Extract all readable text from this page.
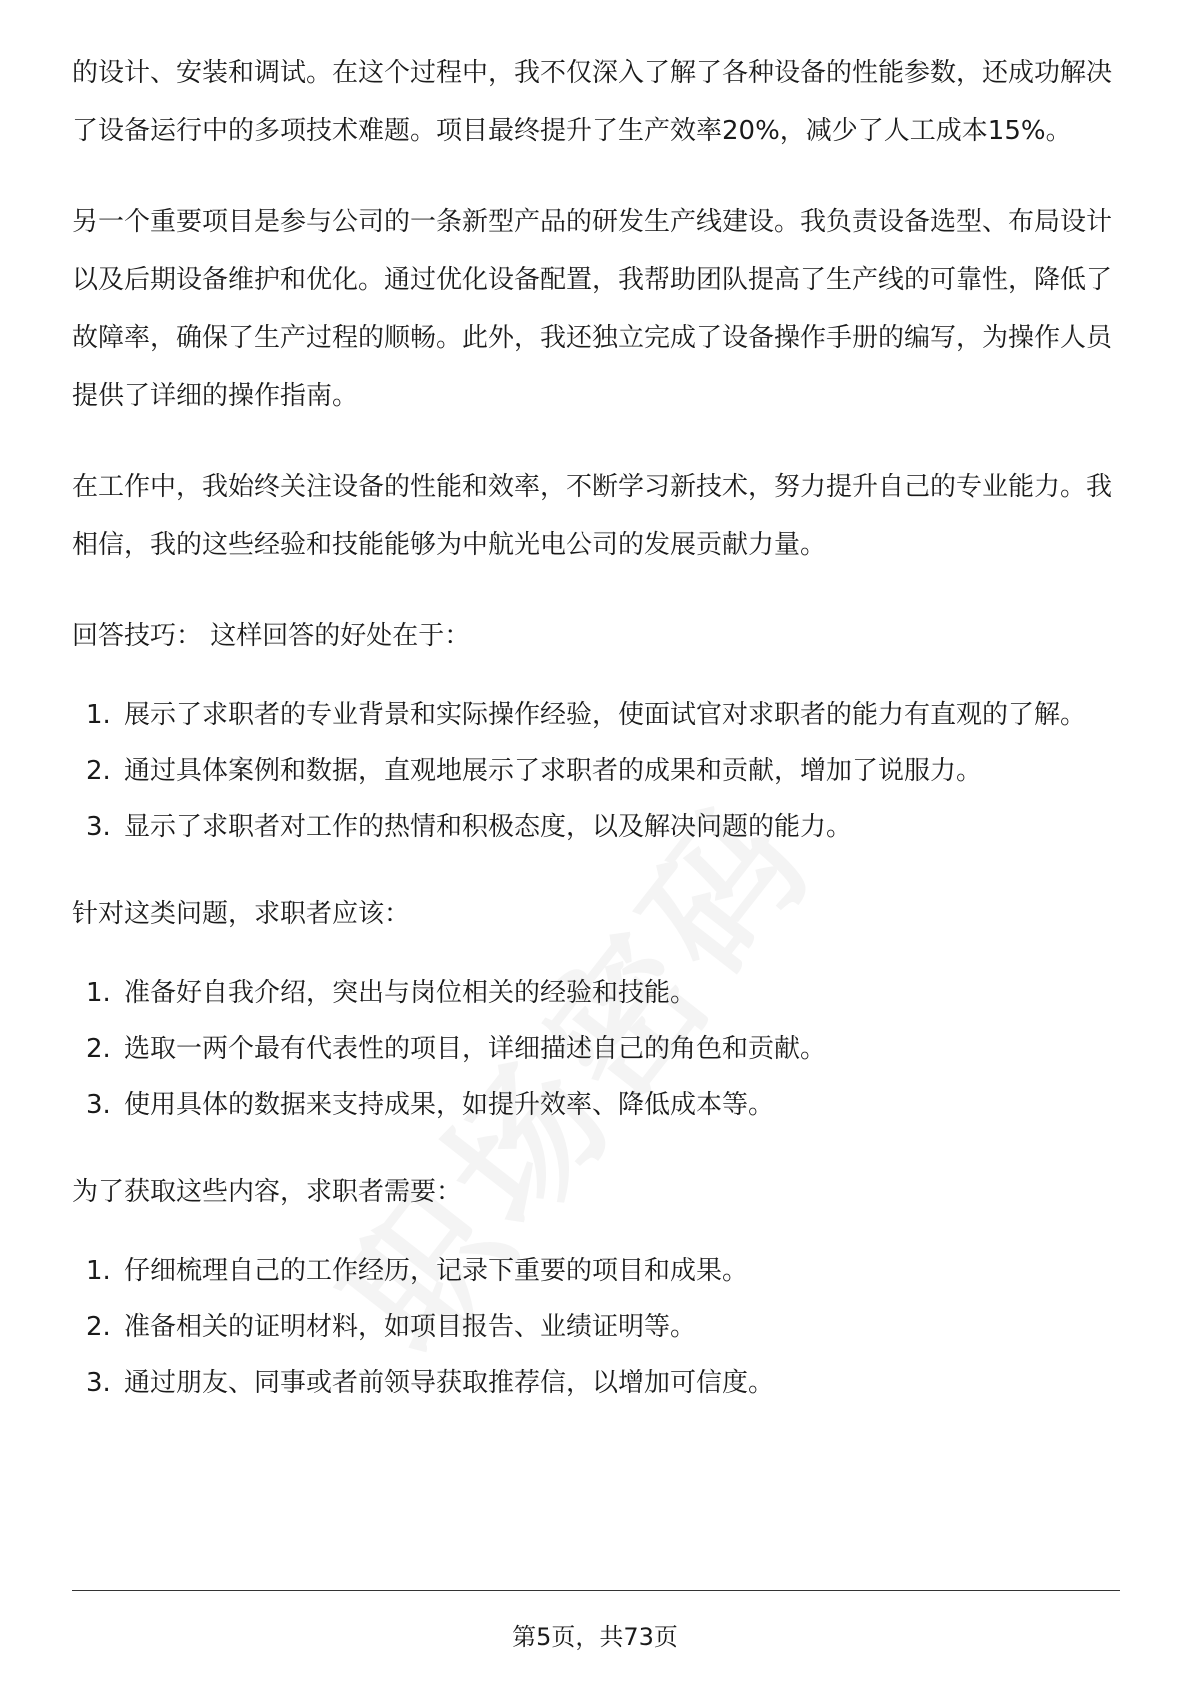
的设计、安装和调试。在这个过程中，我不仅深入了解了各种设备的性能参数，还成功解决了设备运行中的多项技术难题。项目最终提升了生产效率20%，减少了人工成本15%。

另一个重要项目是参与公司的一条新型产品的研发生产线建设。我负责设备选型、布局设计以及后期设备维护和优化。通过优化设备配置，我帮助团队提高了生产线的可靠性，降低了故障率，确保了生产过程的顺畅。此外，我还独立完成了设备操作手册的编写，为操作人员提供了详细的操作指南。

在工作中，我始终关注设备的性能和效率，不断学习新技术，努力提升自己的专业能力。我相信，我的这些经验和技能能够为中航光电公司的发展贡献力量。

回答技巧： 这样回答的好处在于：

1. 展示了求职者的专业背景和实际操作经验，使面试官对求职者的能力有直观的了解。
2. 通过具体案例和数据，直观地展示了求职者的成果和贡献，增加了说服力。
3. 显示了求职者对工作的热情和积极态度，以及解决问题的能力。

针对这类问题，求职者应该：

1. 准备好自我介绍，突出与岗位相关的经验和技能。
2. 选取一两个最有代表性的项目，详细描述自己的角色和贡献。
3. 使用具体的数据来支持成果，如提升效率、降低成本等。

为了获取这些内容，求职者需要：

1. 仔细梳理自己的工作经历，记录下重要的项目和成果。
2. 准备相关的证明材料，如项目报告、业绩证明等。
3. 通过朋友、同事或者前领导获取推荐信，以增加可信度。
第5页，共73页
